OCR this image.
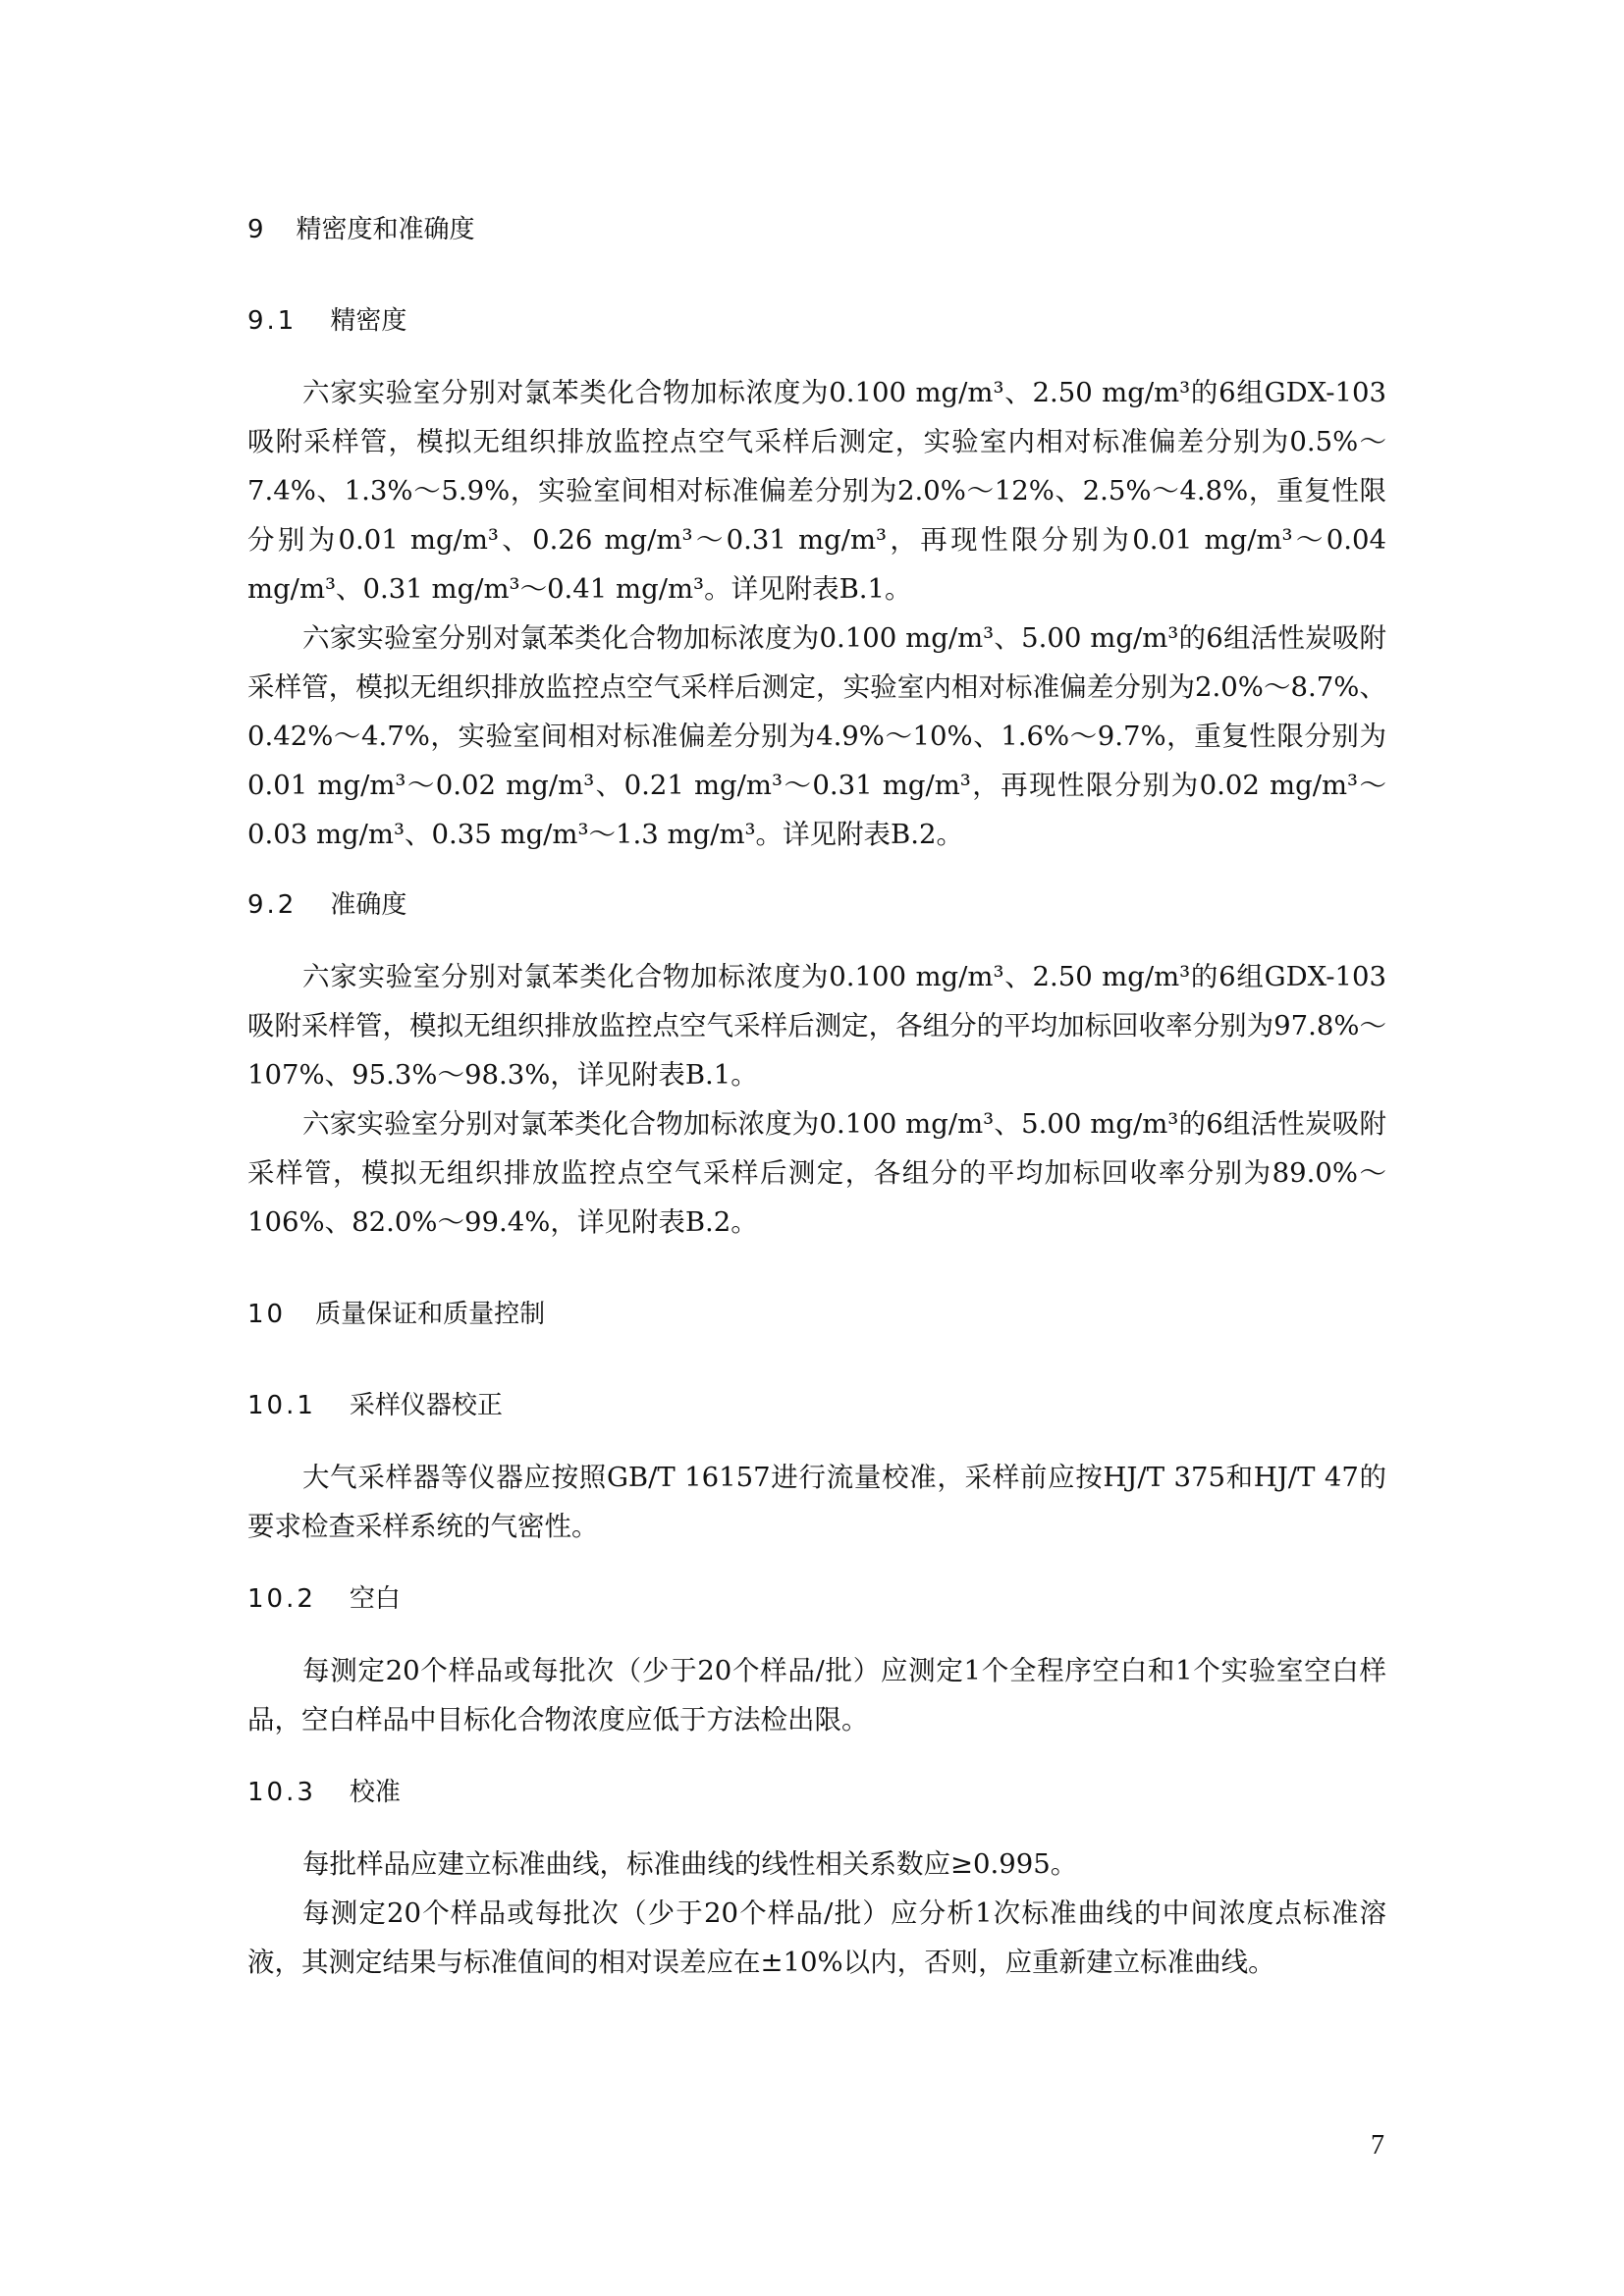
9 精密度和准确度
9.1 精密度

六家实验室分别对氯苯类化合物加标浓度为0.100 mg/m³、2.50 mg/m³的6组GDX-103吸附采样管，模拟无组织排放监控点空气采样后测定，实验室内相对标准偏差分别为0.5%～7.4%、1.3%～5.9%，实验室间相对标准偏差分别为2.0%～12%、2.5%～4.8%，重复性限分别为0.01 mg/m³、0.26 mg/m³～0.31 mg/m³，再现性限分别为0.01 mg/m³～0.04 mg/m³、0.31 mg/m³～0.41 mg/m³。详见附表B.1。

六家实验室分别对氯苯类化合物加标浓度为0.100 mg/m³、5.00 mg/m³的6组活性炭吸附采样管，模拟无组织排放监控点空气采样后测定，实验室内相对标准偏差分别为2.0%～8.7%、0.42%～4.7%，实验室间相对标准偏差分别为4.9%～10%、1.6%～9.7%，重复性限分别为0.01 mg/m³～0.02 mg/m³、0.21 mg/m³～0.31 mg/m³，再现性限分别为0.02 mg/m³～0.03 mg/m³、0.35 mg/m³～1.3 mg/m³。详见附表B.2。

9.2 准确度

六家实验室分别对氯苯类化合物加标浓度为0.100 mg/m³、2.50 mg/m³的6组GDX-103吸附采样管，模拟无组织排放监控点空气采样后测定，各组分的平均加标回收率分别为97.8%～107%、95.3%～98.3%，详见附表B.1。

六家实验室分别对氯苯类化合物加标浓度为0.100 mg/m³、5.00 mg/m³的6组活性炭吸附采样管，模拟无组织排放监控点空气采样后测定，各组分的平均加标回收率分别为89.0%～106%、82.0%～99.4%，详见附表B.2。

10 质量保证和质量控制
10.1 采样仪器校正

大气采样器等仪器应按照GB/T 16157进行流量校准，采样前应按HJ/T 375和HJ/T 47的要求检查采样系统的气密性。

10.2 空白

每测定20个样品或每批次（少于20个样品/批）应测定1个全程序空白和1个实验室空白样品，空白样品中目标化合物浓度应低于方法检出限。

10.3 校准

每批样品应建立标准曲线，标准曲线的线性相关系数应≥0.995。

每测定20个样品或每批次（少于20个样品/批）应分析1次标准曲线的中间浓度点标准溶液，其测定结果与标准值间的相对误差应在±10%以内，否则，应重新建立标准曲线。

7
